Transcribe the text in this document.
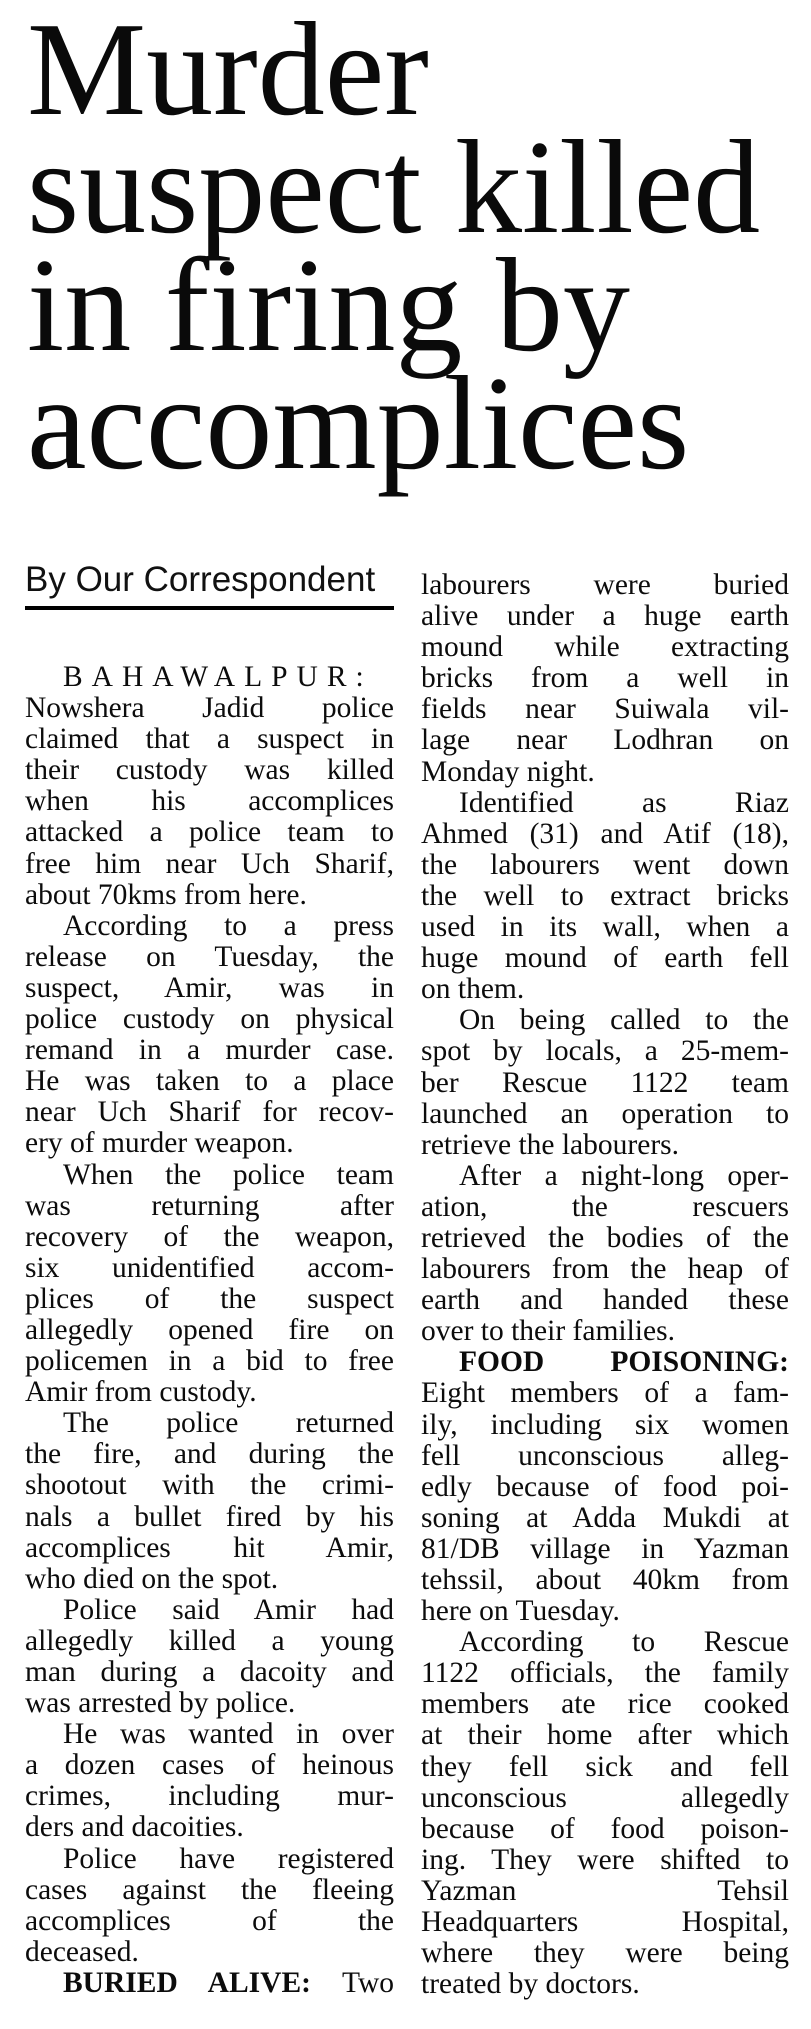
Murder
suspect killed
in firing by
accomplices
By Our Correspondent
BAHAWALPUR:
Nowshera Jadid police
claimed that a suspect in
their custody was killed
when his accomplices
attacked a police team to
free him near Uch Sharif,
about 70kms from here.
According to a press
release on Tuesday, the
suspect, Amir, was in
police custody on physical
remand in a murder case.
He was taken to a place
near Uch Sharif for recov-
ery of murder weapon.
When the police team
was returning after
recovery of the weapon,
six unidentified accom-
plices of the suspect
allegedly opened fire on
policemen in a bid to free
Amir from custody.
The police returned
the fire, and during the
shootout with the crimi-
nals a bullet fired by his
accomplices hit Amir,
who died on the spot.
Police said Amir had
allegedly killed a young
man during a dacoity and
was arrested by police.
He was wanted in over
a dozen cases of heinous
crimes, including mur-
ders and dacoities.
Police have registered
cases against the fleeing
accomplices of the
deceased.
BURIED ALIVE: Two
labourers were buried
alive under a huge earth
mound while extracting
bricks from a well in
fields near Suiwala vil-
lage near Lodhran on
Monday night.
Identified as Riaz
Ahmed (31) and Atif (18),
the labourers went down
the well to extract bricks
used in its wall, when a
huge mound of earth fell
on them.
On being called to the
spot by locals, a 25-mem-
ber Rescue 1122 team
launched an operation to
retrieve the labourers.
After a night-long oper-
ation, the rescuers
retrieved the bodies of the
labourers from the heap of
earth and handed these
over to their families.
FOOD POISONING:
Eight members of a fam-
ily, including six women
fell unconscious alleg-
edly because of food poi-
soning at Adda Mukdi at
81/DB village in Yazman
tehssil, about 40km from
here on Tuesday.
According to Rescue
1122 officials, the family
members ate rice cooked
at their home after which
they fell sick and fell
unconscious allegedly
because of food poison-
ing. They were shifted to
Yazman Tehsil
Headquarters Hospital,
where they were being
treated by doctors.
